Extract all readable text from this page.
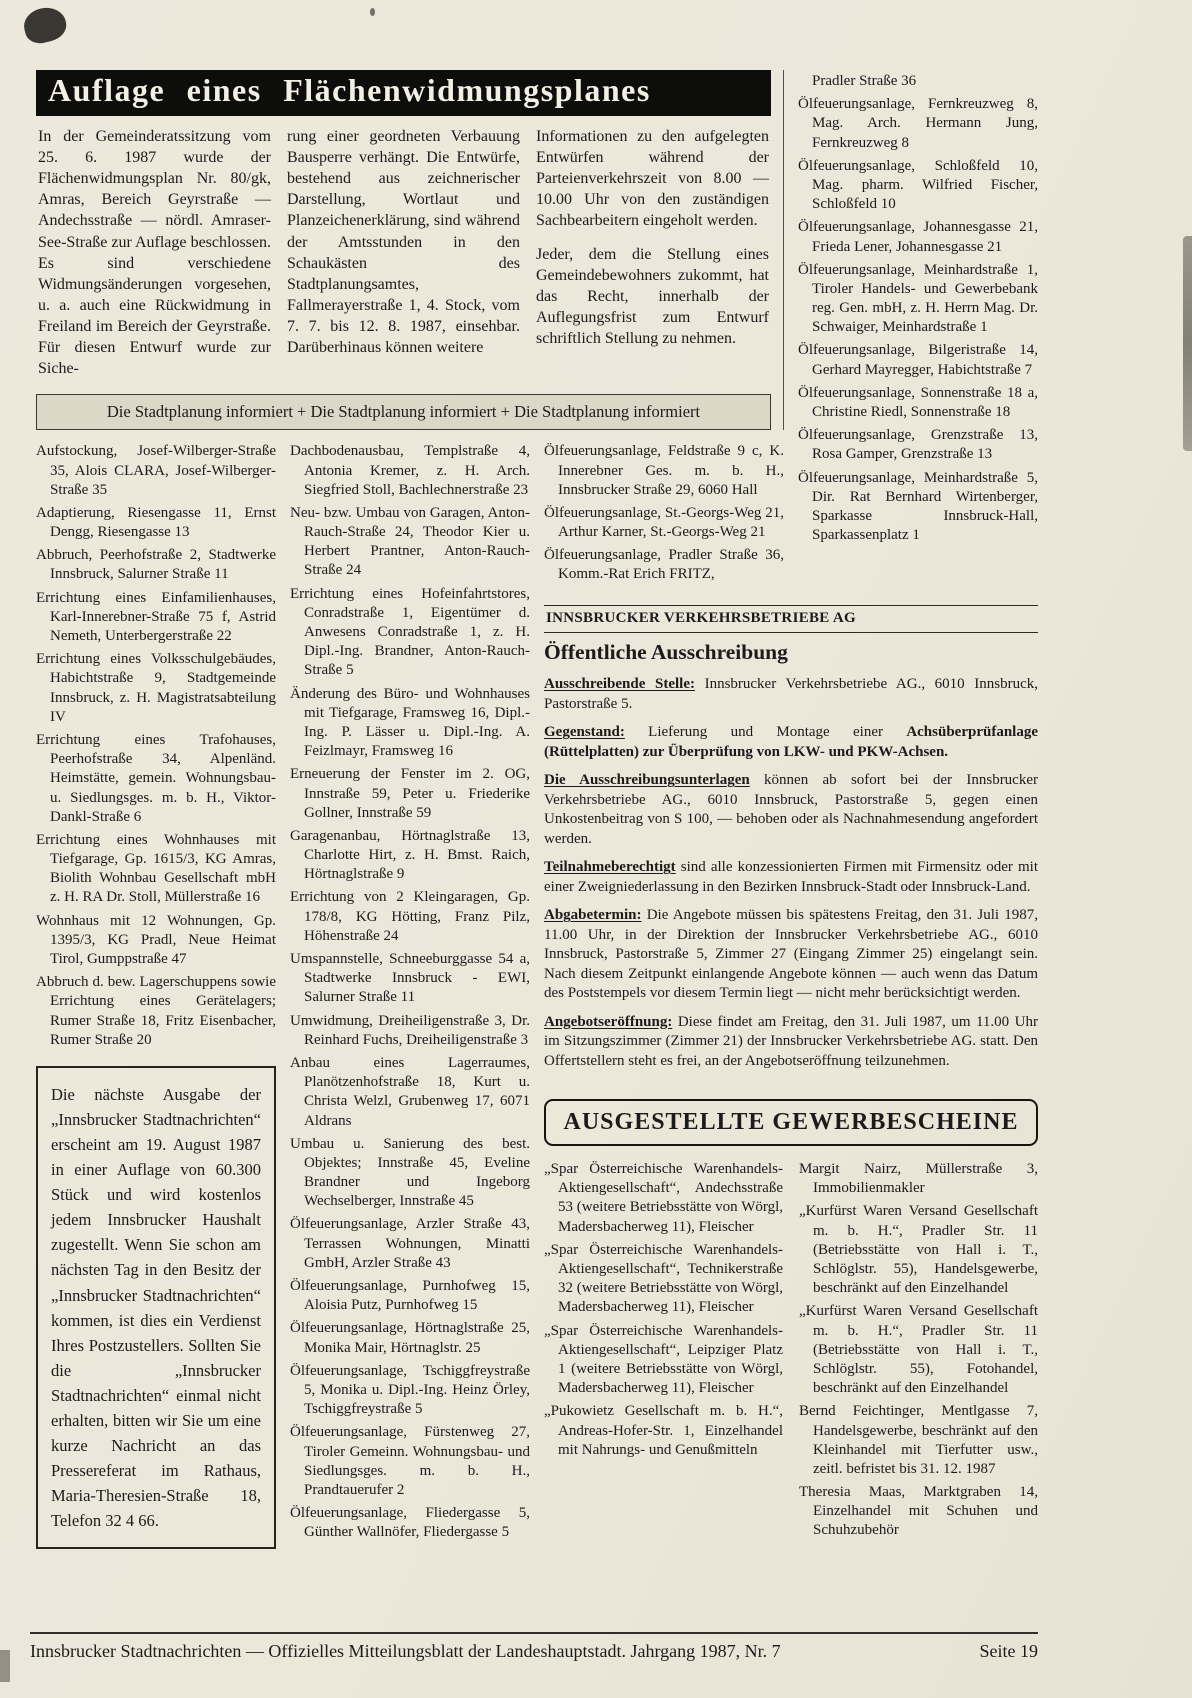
Auflage eines Flächenwidmungsplanes

In der Gemeinderatssitzung vom 25. 6. 1987 wurde der Flächenwidmungsplan Nr. 80/gk, Amras, Bereich Geyrstraße — Andechsstraße — nördl. Amraser-See-Straße zur Auflage beschlossen. Es sind verschiedene Widmungsänderungen vorgesehen, u. a. auch eine Rückwidmung in Freiland im Bereich der Geyrstraße. Für diesen Entwurf wurde zur Siche-

rung einer geordneten Verbauung Bausperre verhängt. Die Entwürfe, bestehend aus zeichnerischer Darstellung, Wortlaut und Planzeichenerklärung, sind während der Amtsstunden in den Schaukästen des Stadtplanungsamtes, Fallmerayerstraße 1, 4. Stock, vom 7. 7. bis 12. 8. 1987, einsehbar. Darüberhinaus können weitere

Informationen zu den aufgelegten Entwürfen während der Parteienverkehrszeit von 8.00 — 10.00 Uhr von den zuständigen Sachbearbeitern eingeholt werden.

Jeder, dem die Stellung eines Gemeindebewohners zukommt, hat das Recht, innerhalb der Auflegungsfrist zum Entwurf schriftlich Stellung zu nehmen.

Die Stadtplanung informiert + Die Stadtplanung informiert + Die Stadtplanung informiert

Pradler Straße 36

Ölfeuerungsanlage, Fernkreuzweg 8, Mag. Arch. Hermann Jung, Fernkreuzweg 8

Ölfeuerungsanlage, Schloßfeld 10, Mag. pharm. Wilfried Fischer, Schloßfeld 10

Ölfeuerungsanlage, Johannesgasse 21, Frieda Lener, Johannesgasse 21

Ölfeuerungsanlage, Meinhardstraße 1, Tiroler Handels- und Gewerbebank reg. Gen. mbH, z. H. Herrn Mag. Dr. Schwaiger, Meinhardstraße 1

Ölfeuerungsanlage, Bilgeristraße 14, Gerhard Mayregger, Habichtstraße 7

Ölfeuerungsanlage, Sonnenstraße 18 a, Christine Riedl, Sonnenstraße 18

Ölfeuerungsanlage, Grenzstraße 13, Rosa Gamper, Grenzstraße 13

Ölfeuerungsanlage, Meinhardstraße 5, Dir. Rat Bernhard Wirtenberger, Sparkasse Innsbruck-Hall, Sparkassenplatz 1

Aufstockung, Josef-Wilberger-Straße 35, Alois CLARA, Josef-Wilberger-Straße 35

Adaptierung, Riesengasse 11, Ernst Dengg, Riesengasse 13

Abbruch, Peerhofstraße 2, Stadtwerke Innsbruck, Salurner Straße 11

Errichtung eines Einfamilienhauses, Karl-Innerebner-Straße 75 f, Astrid Nemeth, Unterbergerstraße 22

Errichtung eines Volksschulgebäudes, Habichtstraße 9, Stadtgemeinde Innsbruck, z. H. Magistratsabteilung IV

Errichtung eines Trafohauses, Peerhofstraße 34, Alpenländ. Heimstätte, gemein. Wohnungsbau- u. Siedlungsges. m. b. H., Viktor-Dankl-Straße 6

Errichtung eines Wohnhauses mit Tiefgarage, Gp. 1615/3, KG Amras, Biolith Wohnbau Gesellschaft mbH z. H. RA Dr. Stoll, Müllerstraße 16

Wohnhaus mit 12 Wohnungen, Gp. 1395/3, KG Pradl, Neue Heimat Tirol, Gumppstraße 47

Abbruch d. bew. Lagerschuppens sowie Errichtung eines Gerätelagers; Rumer Straße 18, Fritz Eisenbacher, Rumer Straße 20

Die nächste Ausgabe der „Innsbrucker Stadtnachrichten“ erscheint am 19. August 1987 in einer Auflage von 60.300 Stück und wird kostenlos jedem Innsbrucker Haushalt zugestellt. Wenn Sie schon am nächsten Tag in den Besitz der „Innsbrucker Stadtnachrichten“ kommen, ist dies ein Verdienst Ihres Postzustellers. Sollten Sie die „Innsbrucker Stadtnachrichten“ einmal nicht erhalten, bitten wir Sie um eine kurze Nachricht an das Pressereferat im Rathaus, Maria-Theresien-Straße 18, Telefon 32 4 66.

Dachbodenausbau, Templstraße 4, Antonia Kremer, z. H. Arch. Siegfried Stoll, Bachlechnerstraße 23

Neu- bzw. Umbau von Garagen, Anton-Rauch-Straße 24, Theodor Kier u. Herbert Prantner, Anton-Rauch-Straße 24

Errichtung eines Hofeinfahrtstores, Conradstraße 1, Eigentümer d. Anwesens Conradstraße 1, z. H. Dipl.-Ing. Brandner, Anton-Rauch-Straße 5

Änderung des Büro- und Wohnhauses mit Tiefgarage, Framsweg 16, Dipl.-Ing. P. Lässer u. Dipl.-Ing. A. Feizlmayr, Framsweg 16

Erneuerung der Fenster im 2. OG, Innstraße 59, Peter u. Friederike Gollner, Innstraße 59

Garagenanbau, Hörtnaglstraße 13, Charlotte Hirt, z. H. Bmst. Raich, Hörtnaglstraße 9

Errichtung von 2 Kleingaragen, Gp. 178/8, KG Hötting, Franz Pilz, Höhenstraße 24

Umspannstelle, Schneeburggasse 54 a, Stadtwerke Innsbruck - EWI, Salurner Straße 11

Umwidmung, Dreiheiligenstraße 3, Dr. Reinhard Fuchs, Dreiheiligenstraße 3

Anbau eines Lagerraumes, Planötzenhofstraße 18, Kurt u. Christa Welzl, Grubenweg 17, 6071 Aldrans

Umbau u. Sanierung des best. Objektes; Innstraße 45, Eveline Brandner und Ingeborg Wechselberger, Innstraße 45

Ölfeuerungsanlage, Arzler Straße 43, Terrassen Wohnungen, Minatti GmbH, Arzler Straße 43

Ölfeuerungsanlage, Purnhofweg 15, Aloisia Putz, Purnhofweg 15

Ölfeuerungsanlage, Hörtnaglstraße 25, Monika Mair, Hörtnaglstr. 25

Ölfeuerungsanlage, Tschiggfreystraße 5, Monika u. Dipl.-Ing. Heinz Örley, Tschiggfreystraße 5

Ölfeuerungsanlage, Fürstenweg 27, Tiroler Gemeinn. Wohnungsbau- und Siedlungsges. m. b. H., Prandtauerufer 2

Ölfeuerungsanlage, Fliedergasse 5, Günther Wallnöfer, Fliedergasse 5

Ölfeuerungsanlage, Feldstraße 9 c, K. Innerebner Ges. m. b. H., Innsbrucker Straße 29, 6060 Hall

Ölfeuerungsanlage, St.-Georgs-Weg 21, Arthur Karner, St.-Georgs-Weg 21

Ölfeuerungsanlage, Pradler Straße 36, Komm.-Rat Erich FRITZ,

INNSBRUCKER VERKEHRSBETRIEBE AG
Öffentliche Ausschreibung

Ausschreibende Stelle: Innsbrucker Verkehrsbetriebe AG., 6010 Innsbruck, Pastorstraße 5.

Gegenstand: Lieferung und Montage einer Achsüberprüfanlage (Rüttelplatten) zur Überprüfung von LKW- und PKW-Achsen.

Die Ausschreibungsunterlagen können ab sofort bei der Innsbrucker Verkehrsbetriebe AG., 6010 Innsbruck, Pastorstraße 5, gegen einen Unkostenbeitrag von S 100, — behoben oder als Nachnahmesendung angefordert werden.

Teilnahmeberechtigt sind alle konzessionierten Firmen mit Firmensitz oder mit einer Zweigniederlassung in den Bezirken Innsbruck-Stadt oder Innsbruck-Land.

Abgabetermin: Die Angebote müssen bis spätestens Freitag, den 31. Juli 1987, 11.00 Uhr, in der Direktion der Innsbrucker Verkehrsbetriebe AG., 6010 Innsbruck, Pastorstraße 5, Zimmer 27 (Eingang Zimmer 25) eingelangt sein. Nach diesem Zeitpunkt einlangende Angebote können — auch wenn das Datum des Poststempels vor diesem Termin liegt — nicht mehr berücksichtigt werden.

Angebotseröffnung: Diese findet am Freitag, den 31. Juli 1987, um 11.00 Uhr im Sitzungszimmer (Zimmer 21) der Innsbrucker Verkehrsbetriebe AG. statt. Den Offertstellern steht es frei, an der Angebotseröffnung teilzunehmen.

AUSGESTELLTE GEWERBESCHEINE

„Spar Österreichische Warenhandels-Aktiengesellschaft“, Andechsstraße 53 (weitere Betriebsstätte von Wörgl, Madersbacherweg 11), Fleischer

„Spar Österreichische Warenhandels-Aktiengesellschaft“, Technikerstraße 32 (weitere Betriebsstätte von Wörgl, Madersbacherweg 11), Fleischer

„Spar Österreichische Warenhandels-Aktiengesellschaft“, Leipziger Platz 1 (weitere Betriebsstätte von Wörgl, Madersbacherweg 11), Fleischer

„Pukowietz Gesellschaft m. b. H.“, Andreas-Hofer-Str. 1, Einzelhandel mit Nahrungs- und Genußmitteln

Margit Nairz, Müllerstraße 3, Immobilienmakler

„Kurfürst Waren Versand Gesellschaft m. b. H.“, Pradler Str. 11 (Betriebsstätte von Hall i. T., Schlöglstr. 55), Handelsgewerbe, beschränkt auf den Einzelhandel

„Kurfürst Waren Versand Gesellschaft m. b. H.“, Pradler Str. 11 (Betriebsstätte von Hall i. T., Schlöglstr. 55), Fotohandel, beschränkt auf den Einzelhandel

Bernd Feichtinger, Mentlgasse 7, Handelsgewerbe, beschränkt auf den Kleinhandel mit Tierfutter usw., zeitl. befristet bis 31. 12. 1987

Theresia Maas, Marktgraben 14, Einzelhandel mit Schuhen und Schuhzubehör

Innsbrucker Stadtnachrichten — Offizielles Mitteilungsblatt der Landeshauptstadt. Jahrgang 1987, Nr. 7	Seite 19
